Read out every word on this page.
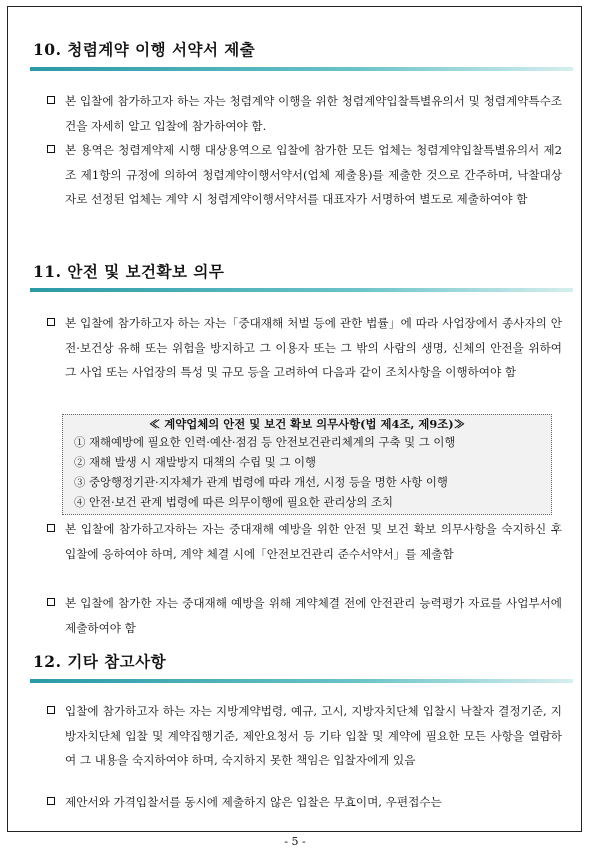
10. 청렴계약 이행 서약서 제출
본 입찰에 참가하고자 하는 자는 청렴계약 이행을 위한 청렴계약입찰특별유의서 및 청렴계약특수조건을 자세히 알고 입찰에 참가하여야 함.
본 용역은 청렴계약제 시행 대상용역으로 입찰에 참가한 모든 업체는 청렴계약입찰특별유의서 제2조 제1항의 규정에 의하여 청렴계약이행서약서(업체 제출용)를 제출한 것으로 간주하며, 낙찰대상자로 선정된 업체는 계약 시 청렴계약이행서약서를 대표자가 서명하여 별도로 제출하여야 함
11. 안전 및 보건확보 의무
본 입찰에 참가하고자 하는 자는「중대재해 처벌 등에 관한 법률」에 따라 사업장에서 종사자의 안전·보건상 유해 또는 위험을 방지하고 그 이용자 또는 그 밖의 사람의 생명, 신체의 안전을 위하여 그 사업 또는 사업장의 특성 및 규모 등을 고려하여 다음과 같이 조치사항을 이행하여야 함
≪ 계약업체의 안전 및 보건 확보 의무사항(법 제4조, 제9조)≫
① 재해예방에 필요한 인력·예산·점검 등 안전보건관리체계의 구축 및 그 이행
② 재해 발생 시 재발방지 대책의 수립 및 그 이행
③ 중앙행정기관·지자체가 관계 법령에 따라 개선, 시정 등을 명한 사항 이행
④ 안전·보건 관계 법령에 따른 의무이행에 필요한 관리상의 조치
본 입찰에 참가하고자하는 자는 중대재해 예방을 위한 안전 및 보건 확보 의무사항을 숙지하신 후 입찰에 응하여야 하며, 계약 체결 시에「안전보건관리 준수서약서」를 제출함
본 입찰에 참가한 자는 중대재해 예방을 위해 계약체결 전에 안전관리 능력평가 자료를 사업부서에 제출하여야 함
12. 기타 참고사항
입찰에 참가하고자 하는 자는 지방계약법령, 예규, 고시, 지방자치단체 입찰시 낙찰자 결정기준, 지방자치단체 입찰 및 계약집행기준, 제안요청서 등 기타 입찰 및 계약에 필요한 모든 사항을 열람하여 그 내용을 숙지하여야 하며, 숙지하지 못한 책임은 입찰자에게 있음
제안서와 가격입찰서를 동시에 제출하지 않은 입찰은 무효이며, 우편접수는
- 5 -
